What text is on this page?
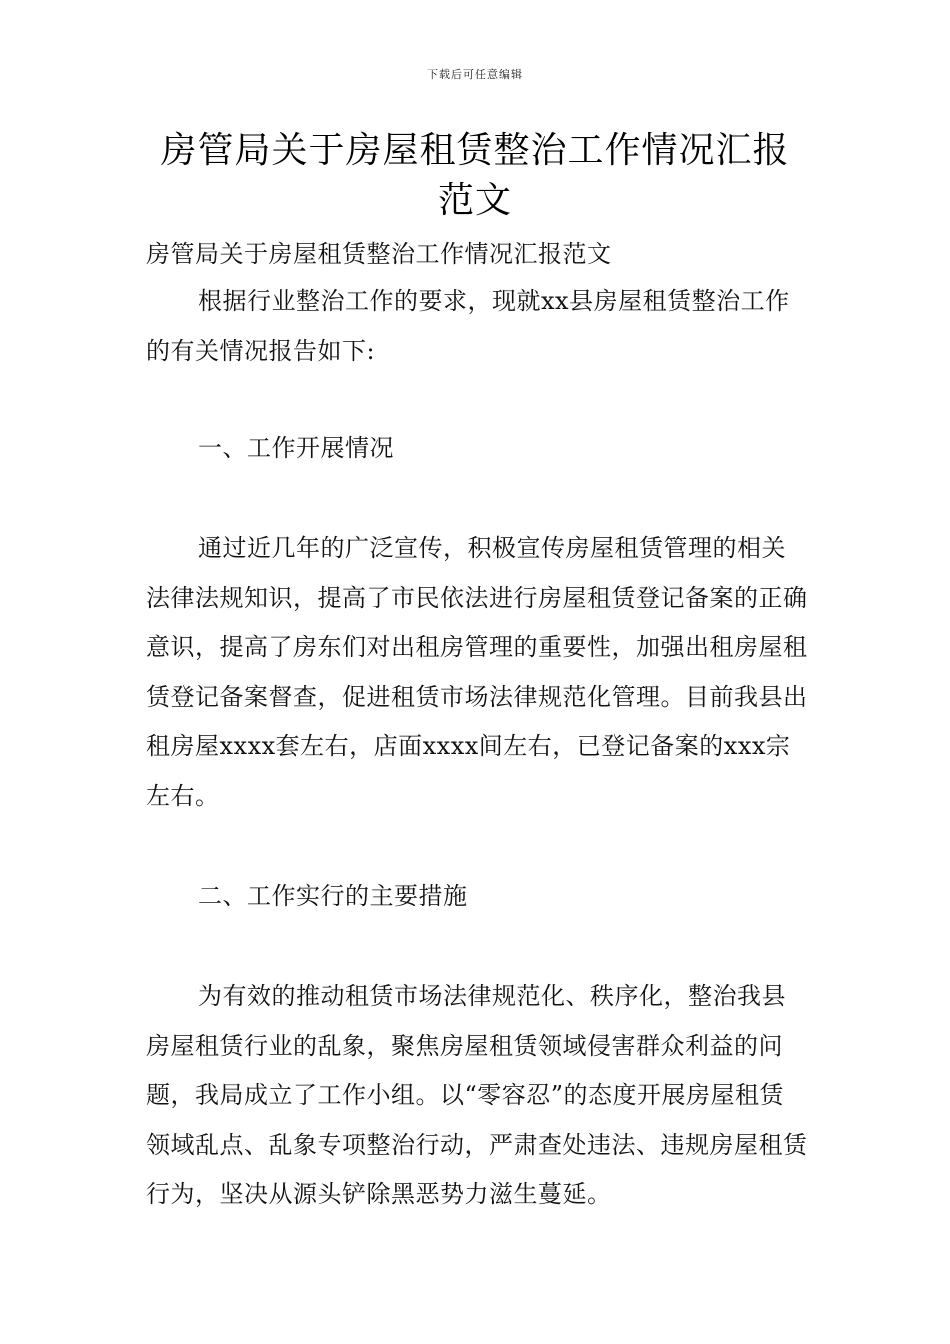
下载后可任意编辑
房管局关于房屋租赁整治工作情况汇报范文
房管局关于房屋租赁整治工作情况汇报范文
根据行业整治工作的要求，现就xx县房屋租赁整治工作的有关情况报告如下:
一、工作开展情况
通过近几年的广泛宣传，积极宣传房屋租赁管理的相关法律法规知识，提高了市民依法进行房屋租赁登记备案的正确意识，提高了房东们对出租房管理的重要性，加强出租房屋租赁登记备案督查，促进租赁市场法律规范化管理。目前我县出租房屋xxxx套左右，店面xxxx间左右，已登记备案的xxx宗左右。
二、工作实行的主要措施
为有效的推动租赁市场法律规范化、秩序化，整治我县房屋租赁行业的乱象，聚焦房屋租赁领域侵害群众利益的问题，我局成立了工作小组。以“零容忍”的态度开展房屋租赁领域乱点、乱象专项整治行动，严肃查处违法、违规房屋租赁行为，坚决从源头铲除黑恶势力滋生蔓延。
